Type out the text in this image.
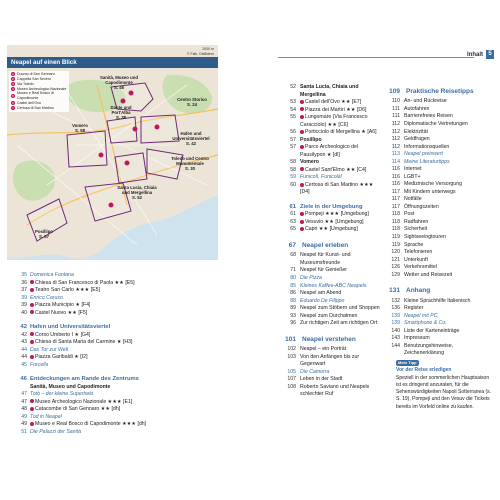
Inhalt 5
2000 m
© Falk, Ostfildern
Neapel auf einen Blick
1 Duomo di San Gennaro
2 Cappella San Severo
3 Via Toledo
4 Museo Archeologico Nazionale
5
Museo e Real Bosco di Capodimonte
6 Castel dell'Ovo
7 Certosa di San Martino
Sanità, Museo und Capodimonte
S. 46
Dante und Port'Alba
S. 38
Centro Storico
S. 24
Vomero
S. 58
Hafen und Universitätsviertel
S. 42
Toledo und Centro Monumentale
S. 30
Santa Lucia, Chiaia und Mergellina
S. 52
Posillipo
S. 57
35 Domenica Fontana
36	Chiesa di San Francesco di Paola ★★ [E5]
37	Teatro San Carlo ★★★ [E5]
39 Enrico Caruso
39	Piazza Municipio ★ [F4]
40	Castel Nuovo ★★ [F5]
42 Hafen und Universitätsviertel
42	Corso Umberto I ★ [G4]
43	Chiesa di Santa Maria del Carmine ★ [H3]
44 Das Tor zur Welt
44	Piazza Garibaldi ★ [I2]
45 Forcella
46 Entdeckungen am Rande des Zentrums
Sanità, Museo und Capodimonte
47 Totò – der kleine Superheld
47	Museo Archeologico Nazionale ★★★ [E1]
48	Catacombe di San Gennaro ★★ [dh]
49 Tod in Neapel
49	Museo e Real Bosco di Capodimonte ★★★ [dh]
51 Die Palazzi der Sanità
52 Santa Lucia, Chiaia und Mergellina
53	Castel dell'Ovo ★★ [E7]
54	Piazza dei Martiri ★★ [D6]
55	Lungomare (Via Francesco Caracciolo) ★★ [C6]
56	Porticciolo di Mergellina ★ [A6]
57 Posillipo
57	Parco Archeologico del Pausilypon ★ [dl]
58 Vomero
58	Castel Sant'Elmo ★★ [C4]
59 Funicolì, Funicolà!
60	Certosa di San Martino ★★★ [D4]
61 Ziele in der Umgebung
61	Pompeji ★★★ [Umgebung]
63	Vesuvio ★★ [Umgebung]
65	Capri ★★ [Umgebung]
67 Neapel erleben
68 Neapel für Kunst- und Museumsfreunde
71 Neapel für Genießer
80 Die Pizza
85 Kleines Kaffee-ABC Neapels
86 Neapel am Abend
88 Eduardo De Filippo
89 Neapel zum Stöbern und Shoppen
93 Neapel zum Durchatmen
96 Zur richtigen Zeit am richtigen Ort
101 Neapel verstehen
102 Neapel – ein Porträt
103 Von den Anfängen bis zur Gegenwart
105 Die Camorra
107 Leben in der Stadt
108 Roberto Saviano und Neapels schlechter Ruf
109 Praktische Reisetipps
110 An- und Rückreise
111 Autofahren
111 Barrierefreies Reisen
112 Diplomatische Vertretungen
112 Elektrizität
112 Geldfragen
112 Informationsquellen
113 Neapel preiswert
114 Meine Literaturtipps
116 Internet
116 LGBT+
116 Medizinische Versorgung
117 Mit Kindern unterwegs
117 Notfälle
117 Öffnungszeiten
118 Post
118 Radfahren
118 Sicherheit
119 Sightseeingtouren
119 Sprache
120 Telefonieren
121 Unterkunft
126 Verkehrsmittel
129 Wetter und Reisezeit
131 Anhang
132 Kleine Sprachhilfe Italienisch
136 Register
139 Neapel mit PC,
139 Smartphone & Co.
140 Liste der Karteneinträge
143 Impressum
144 Benutzungshinweise, Zeichenerklärung
Mein Tipp
Vor der Reise erledigen
Speziell in der sommerlichen Hauptsaison ist es dringend anzuraten, für die Sehenswürdigkeiten Napoli Sotterranea (s. S. 19), Pompeji und den Vesuv die Tickets bereits im Vorfeld online zu kaufen.
